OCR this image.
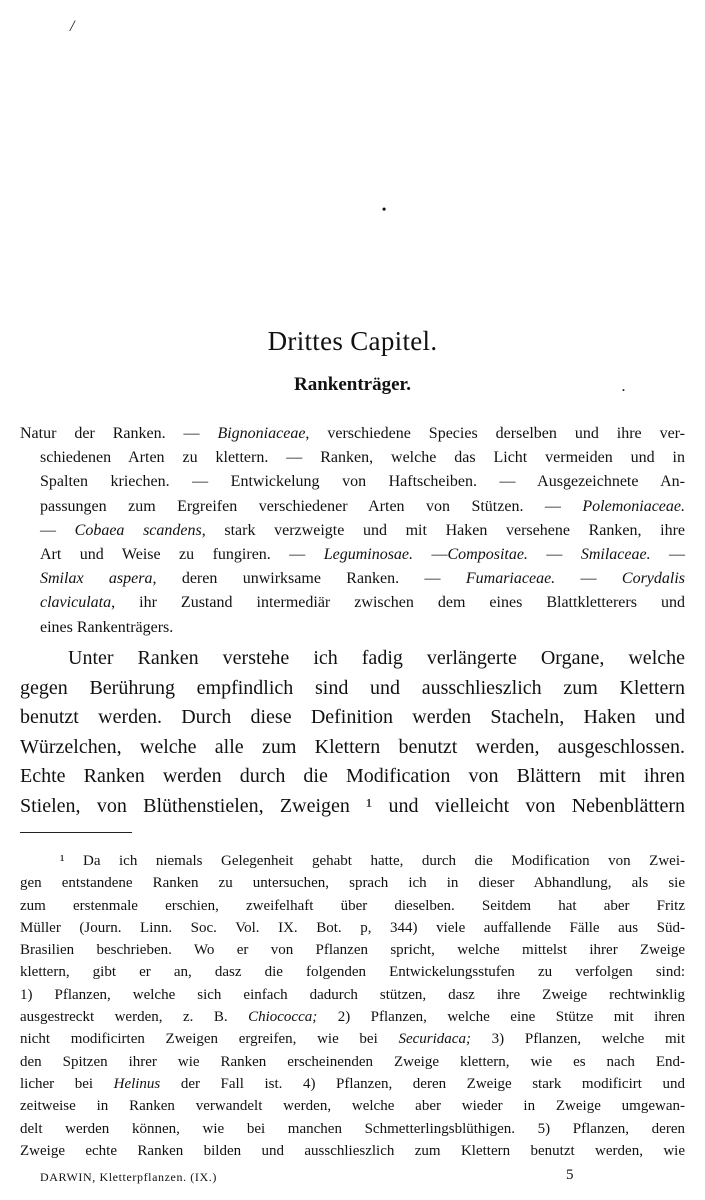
/
•
.
Drittes Capitel.
Rankenträger.
Natur der Ranken. — Bignoniaceae, verschiedene Species derselben und ihre ver-
schiedenen Arten zu klettern. — Ranken, welche das Licht vermeiden und in
Spalten kriechen. — Entwickelung von Haftscheiben. — Ausgezeichnete An-
passungen zum Ergreifen verschiedener Arten von Stützen. — Polemoniaceae.
— Cobaea scandens, stark verzweigte und mit Haken versehene Ranken, ihre
Art und Weise zu fungiren. — Leguminosae. —Compositae. — Smilaceae. —
Smilax aspera, deren unwirksame Ranken. — Fumariaceae. — Corydalis
claviculata, ihr Zustand intermediär zwischen dem eines Blattkletterers und
eines Rankenträgers.
Unter Ranken verstehe ich fadig verlängerte Organe, welche
gegen Berührung empfindlich sind und ausschlieszlich zum Klettern
benutzt werden. Durch diese Definition werden Stacheln, Haken und
Würzelchen, welche alle zum Klettern benutzt werden, ausgeschlossen.
Echte Ranken werden durch die Modification von Blättern mit ihren
Stielen, von Blüthenstielen, Zweigen ¹ und vielleicht von Nebenblättern
¹ Da ich niemals Gelegenheit gehabt hatte, durch die Modification von Zwei-
gen entstandene Ranken zu untersuchen, sprach ich in dieser Abhandlung, als sie
zum erstenmale erschien, zweifelhaft über dieselben. Seitdem hat aber Fritz
Müller (Journ. Linn. Soc. Vol. IX. Bot. p, 344) viele auffallende Fälle aus Süd-
Brasilien beschrieben. Wo er von Pflanzen spricht, welche mittelst ihrer Zweige
klettern, gibt er an, dasz die folgenden Entwickelungsstufen zu verfolgen sind:
1) Pflanzen, welche sich einfach dadurch stützen, dasz ihre Zweige rechtwinklig
ausgestreckt werden, z. B. Chiococca; 2) Pflanzen, welche eine Stütze mit ihren
nicht modificirten Zweigen ergreifen, wie bei Securidaca; 3) Pflanzen, welche mit
den Spitzen ihrer wie Ranken erscheinenden Zweige klettern, wie es nach End-
licher bei Helinus der Fall ist. 4) Pflanzen, deren Zweige stark modificirt und
zeitweise in Ranken verwandelt werden, welche aber wieder in Zweige umgewan-
delt werden können, wie bei manchen Schmetterlingsblüthigen. 5) Pflanzen, deren
Zweige echte Ranken bilden und ausschlieszlich zum Klettern benutzt werden, wie
DARWIN, Kletterpflanzen. (IX.)	5
